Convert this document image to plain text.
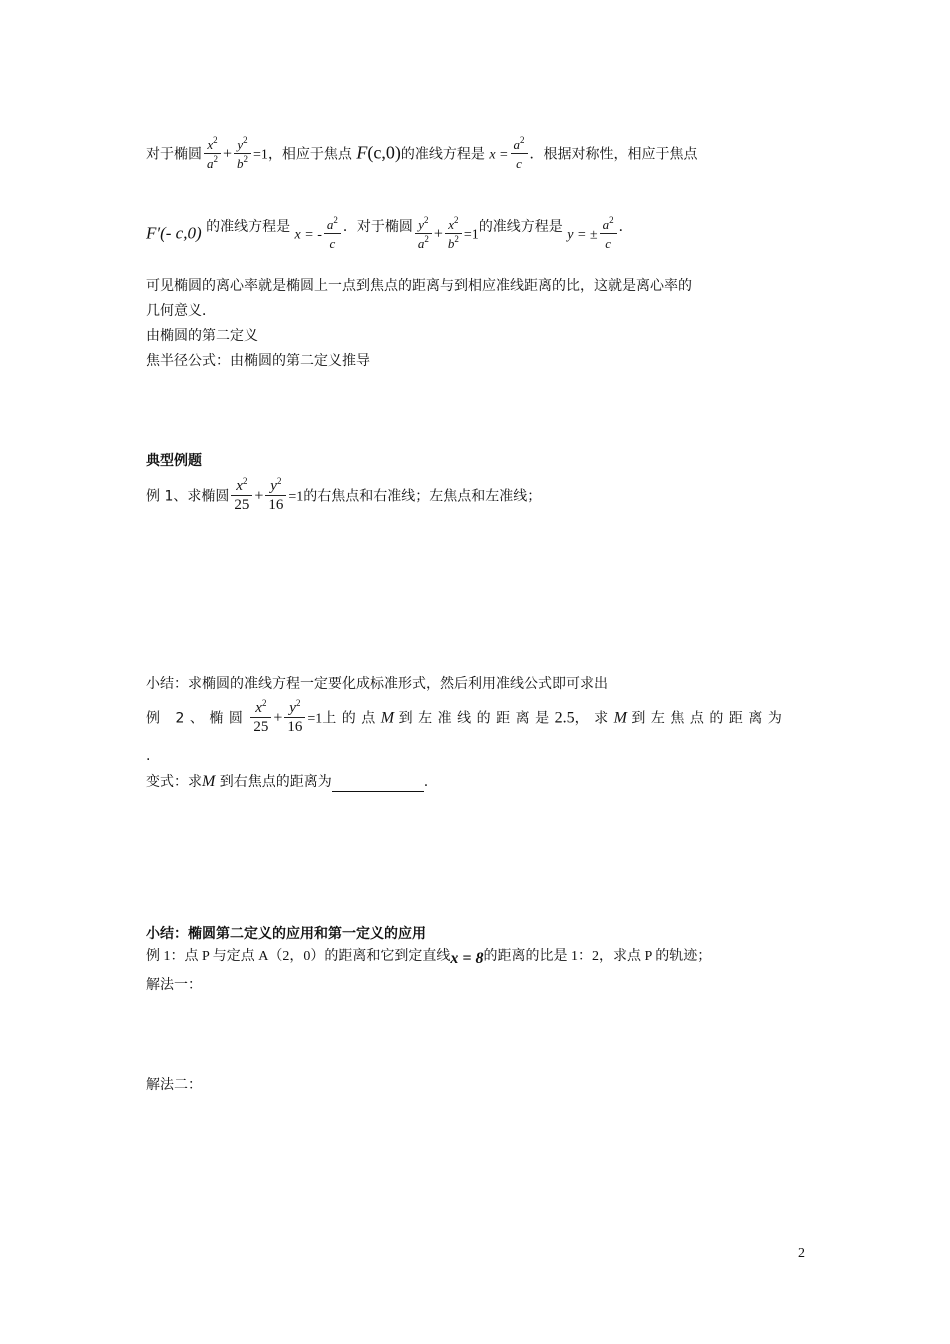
对于椭圆 $\frac{x^2}{a^2} + \frac{y^2}{b^2} =1$，相应于焦点 F(c,0)的准线方程是 $x = \frac{a^2}{c}$ ．根据对称性，相应于焦点
F′(- c,0) 的准线方程是 x = - $\frac{a^2}{c}$ ．对于椭圆 $\frac{y^2}{a^2} + \frac{x^2}{b^2} =1$的准线方程是 y = ± $\frac{a^2}{c}$ ．
可见椭圆的离心率就是椭圆上一点到焦点的距离与到相应准线距离的比，这就是离心率的
几何意义．
由椭圆的第二定义
焦半径公式：由椭圆的第二定义推导
典型例题
例 1、求椭圆 $\frac{x^2}{25} + \frac{y^2}{16} =1$的右焦点和右准线；左焦点和左准线；
小结：求椭圆的准线方程一定要化成标准形式，然后利用准线公式即可求出
例 2、椭圆 $\frac{x^2}{25} + \frac{y^2}{16} =1$上的点M 到左准线的距离是2.5，求M 到左焦点的距离为
.
变式：求M 到右焦点的距离为	.
小结：椭圆第二定义的应用和第一定义的应用
例 1：点 P 与定点 A（2，0）的距离和它到定直线x = 8的距离的比是 1：2，求点 P 的轨迹；
解法一：
解法二：
2
